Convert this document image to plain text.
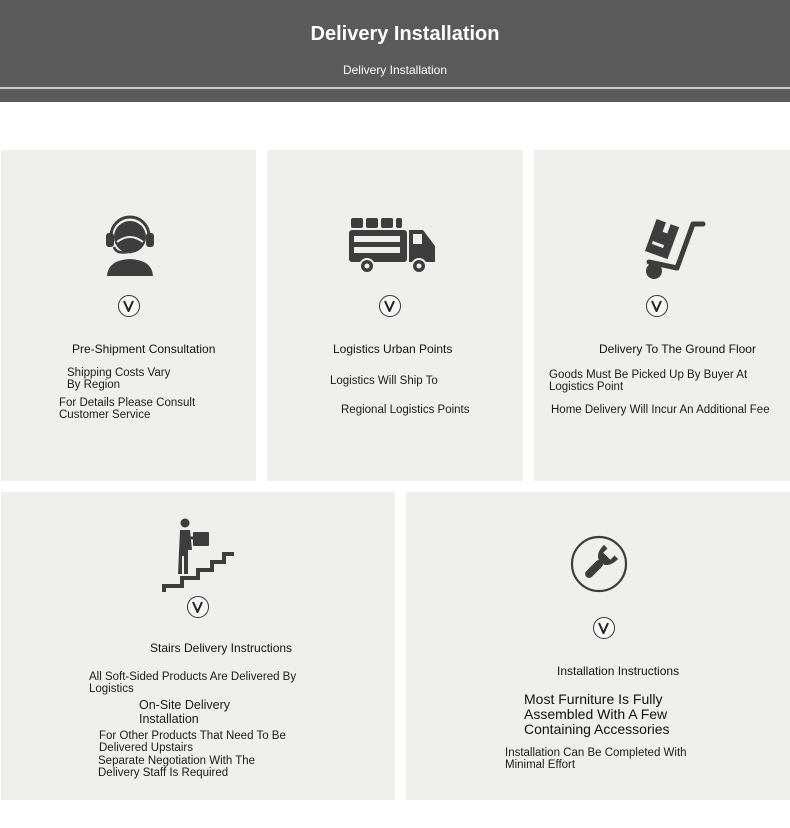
Delivery Installation
Delivery Installation
Pre-Shipment Consultation
Shipping Costs Vary
By Region
For Details Please Consult
Customer Service
Logistics Urban Points
Logistics Will Ship To
Regional Logistics Points
Delivery To The Ground Floor
Goods Must Be Picked Up By Buyer At
Logistics Point
Home Delivery Will Incur An Additional Fee
Stairs Delivery Instructions
All Soft-Sided Products Are Delivered By
Logistics
On-Site Delivery
Installation
For Other Products That Need To Be
Delivered Upstairs
Separate Negotiation With The
Delivery Staff Is Required
Installation Instructions
Most Furniture Is Fully
Assembled With A Few
Containing Accessories
Installation Can Be Completed With
Minimal Effort
